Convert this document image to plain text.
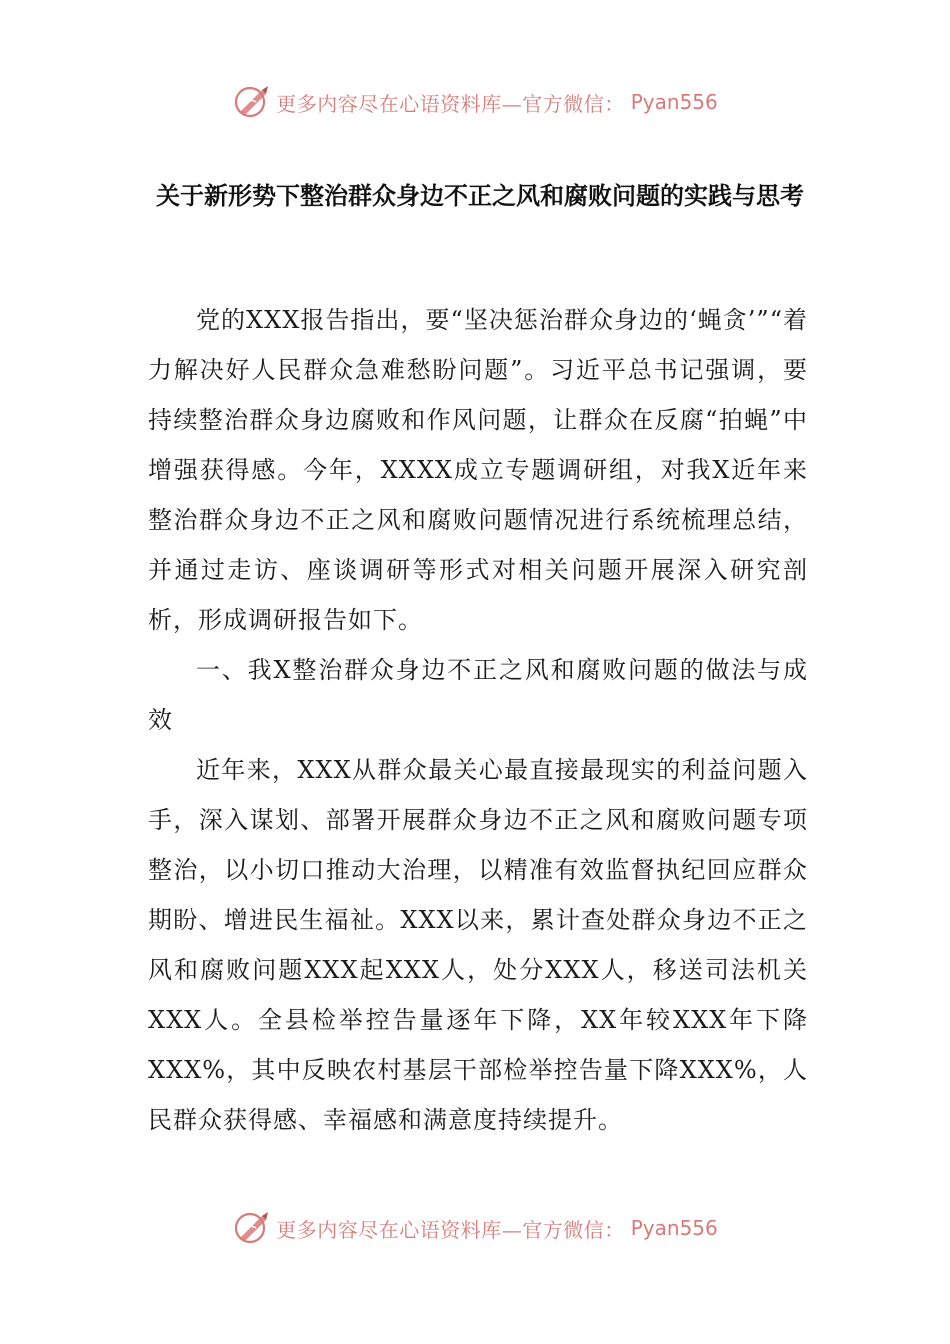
更多内容尽在心语资料库—官方微信： Pyan556
关于新形势下整治群众身边不正之风和腐败问题的实践与思考

党的XXX报告指出，要“坚决惩治群众身边的‘蝇贪’”“着力解决好人民群众急难愁盼问题”。习近平总书记强调，要持续整治群众身边腐败和作风问题，让群众在反腐“拍蝇”中增强获得感。今年，XXXX成立专题调研组，对我X近年来整治群众身边不正之风和腐败问题情况进行系统梳理总结，并通过走访、座谈调研等形式对相关问题开展深入研究剖析，形成调研报告如下。

一、我X整治群众身边不正之风和腐败问题的做法与成效

近年来，XXX从群众最关心最直接最现实的利益问题入手，深入谋划、部署开展群众身边不正之风和腐败问题专项整治，以小切口推动大治理，以精准有效监督执纪回应群众期盼、增进民生福祉。XXX以来，累计查处群众身边不正之风和腐败问题XXX起XXX人，处分XXX人，移送司法机关XXX人。全县检举控告量逐年下降，XX年较XXX年下降XXX%，其中反映农村基层干部检举控告量下降XXX%，人民群众获得感、幸福感和满意度持续提升。

更多内容尽在心语资料库—官方微信： Pyan556
